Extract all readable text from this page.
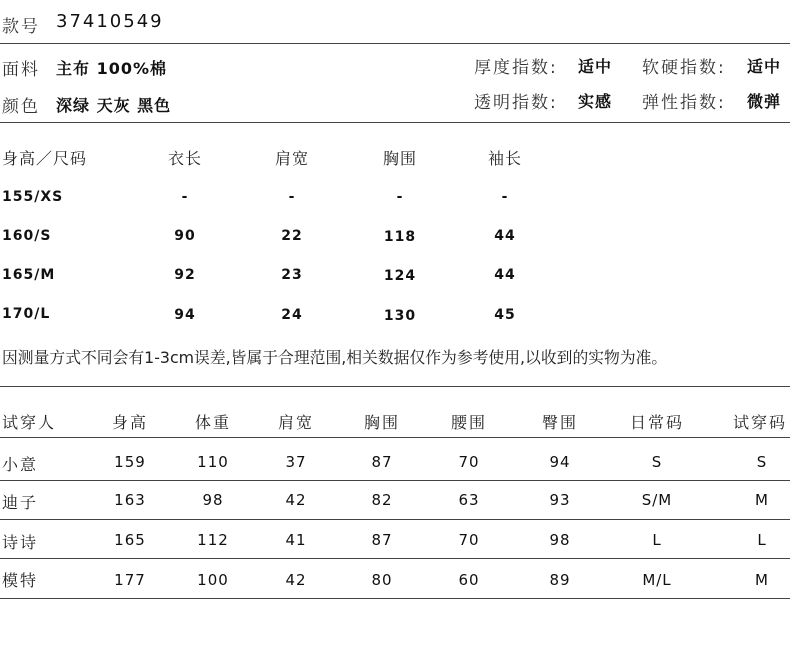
款号 37410549
面料 主布 100%棉	厚度指数: 适中 软硬指数: 适中
颜色 深绿 天灰 黑色	透明指数: 实感 弹性指数: 微弹
身高／尺码	衣长	肩宽	胸围	袖长
155/XS	-	-	-	-
160/S	90	22	118	44
165/M	92	23	124	44
170/L	94	24	130	45
因测量方式不同会有1-3cm误差,皆属于合理范围,相关数据仅作为参考使用,以收到的实物为准。
试穿人	身高	体重	肩宽	胸围	腰围	臀围	日常码	试穿码
小意	159	110	37	87	70	94	S	S
迪子	163	98	42	82	63	93	S/M	M
诗诗	165	112	41	87	70	98	L	L
模特	177	100	42	80	60	89	M/L	M
